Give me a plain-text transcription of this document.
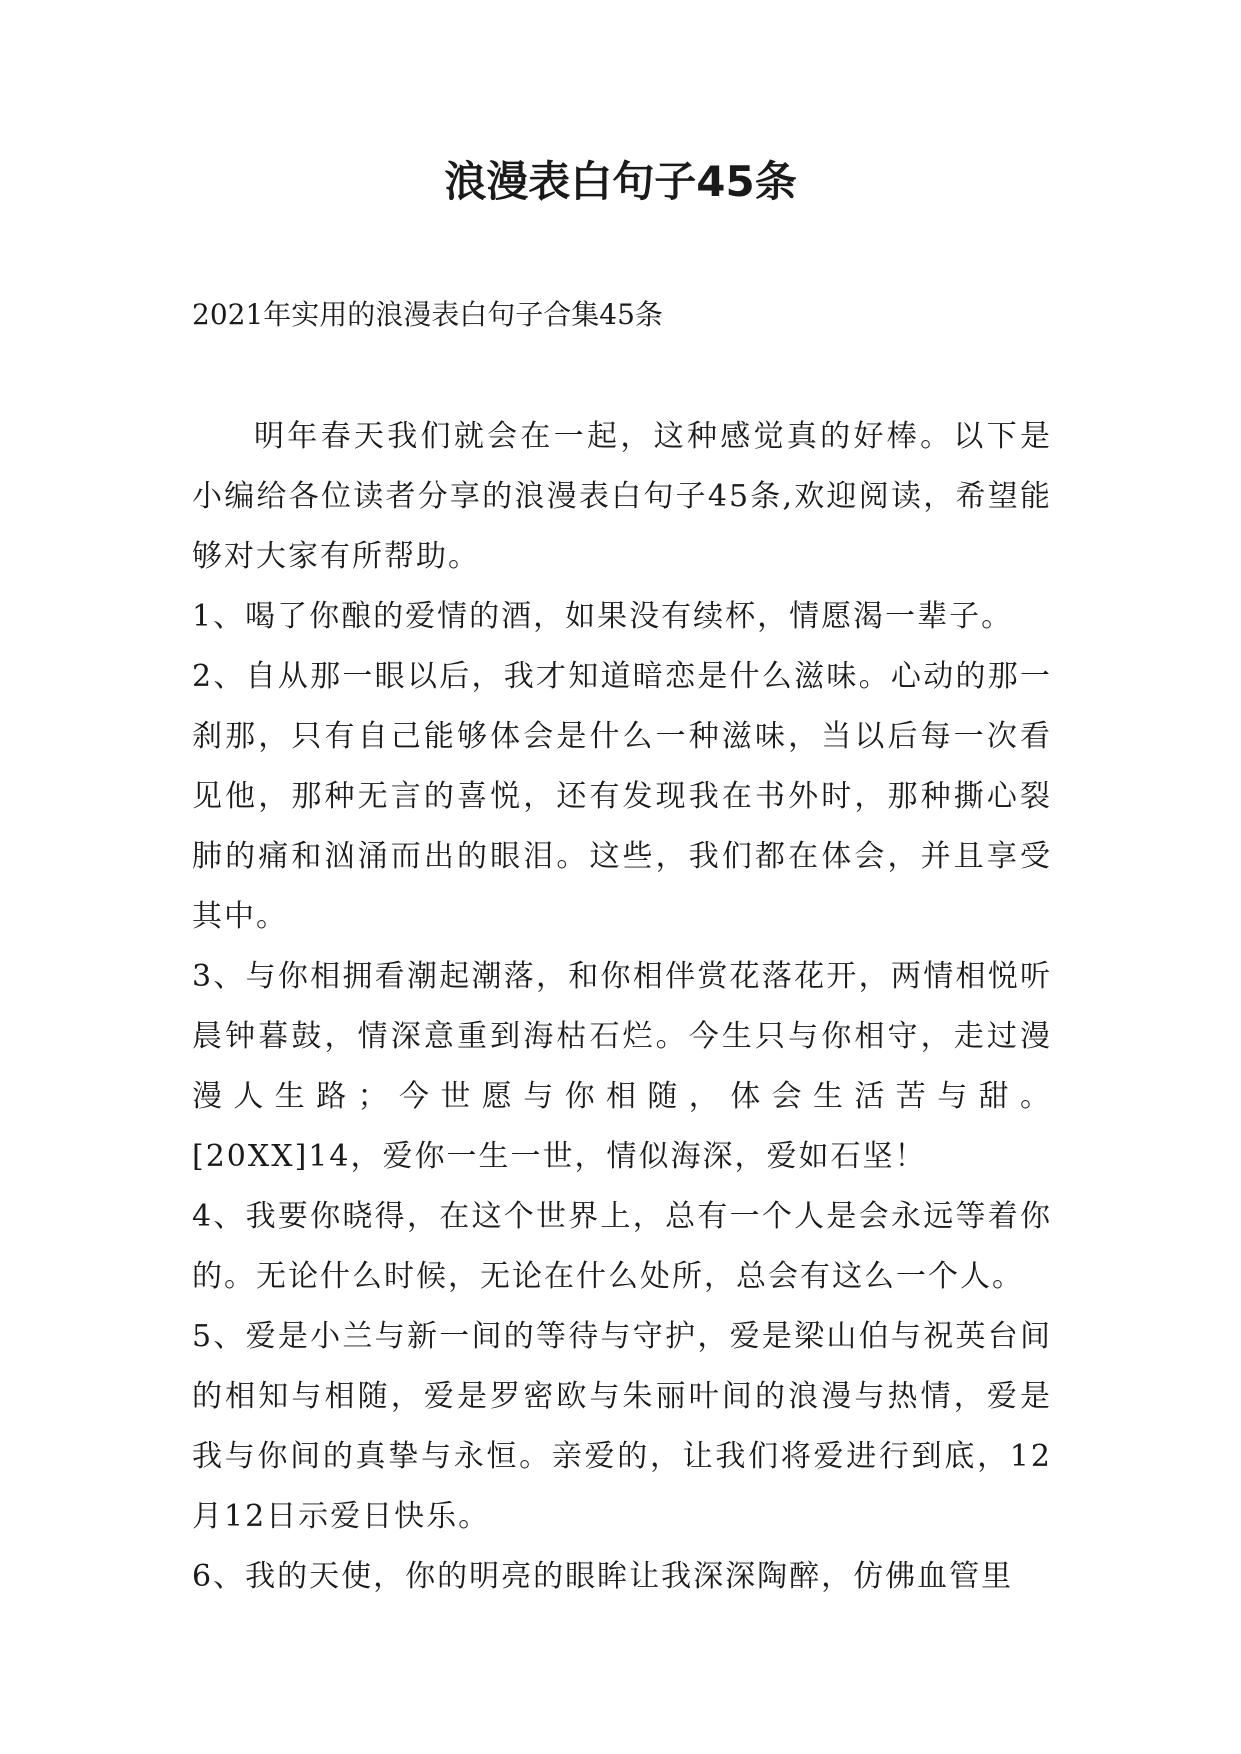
浪漫表白句子45条

2021年实用的浪漫表白句子合集45条

明年春天我们就会在一起，这种感觉真的好棒。以下是小编给各位读者分享的浪漫表白句子45条,欢迎阅读，希望能够对大家有所帮助。

1、喝了你酿的爱情的酒，如果没有续杯，情愿渴一辈子。

2、自从那一眼以后，我才知道暗恋是什么滋味。心动的那一刹那，只有自己能够体会是什么一种滋味，当以后每一次看见他，那种无言的喜悦，还有发现我在书外时，那种撕心裂肺的痛和汹涌而出的眼泪。这些，我们都在体会，并且享受其中。

3、与你相拥看潮起潮落，和你相伴赏花落花开，两情相悦听晨钟暮鼓，情深意重到海枯石烂。今生只与你相守，走过漫漫人生路；今世愿与你相随，体会生活苦与甜。[20XX]14，爱你一生一世，情似海深，爱如石坚！

4、我要你晓得，在这个世界上，总有一个人是会永远等着你的。无论什么时候，无论在什么处所，总会有这么一个人。

5、爱是小兰与新一间的等待与守护，爱是梁山伯与祝英台间的相知与相随，爱是罗密欧与朱丽叶间的浪漫与热情，爱是我与你间的真挚与永恒。亲爱的，让我们将爱进行到底，12月12日示爱日快乐。

6、我的天使，你的明亮的眼眸让我深深陶醉，仿佛血管里
